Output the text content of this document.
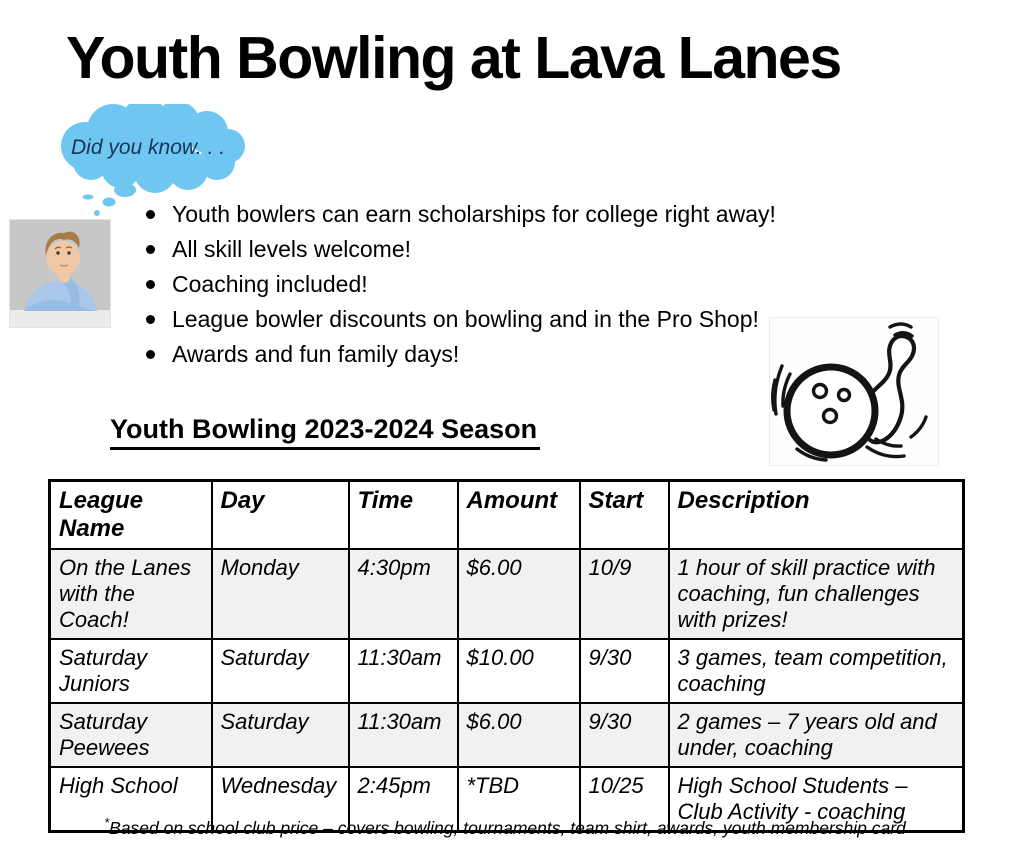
Youth Bowling at Lava Lanes
Did you know. . .
Youth bowlers can earn scholarships for college right away!
All skill levels welcome!
Coaching included!
League bowler discounts on bowling and in the Pro Shop!
Awards and fun family days!
Youth Bowling 2023-2024 Season
League Name	Day	Time	Amount	Start	Description
On the Lanes with the Coach!	Monday	4:30pm	$6.00	10/9	1 hour of skill practice with coaching, fun challenges with prizes!
Saturday Juniors	Saturday	11:30am	$10.00	9/30	3 games, team competition, coaching
Saturday Peewees	Saturday	11:30am	$6.00	9/30	2 games – 7 years old and under, coaching
High School	Wednesday	2:45pm	*TBD	10/25	High School Students – Club Activity - coaching
*Based on school club price – covers bowling, tournaments, team shirt, awards, youth membership card
